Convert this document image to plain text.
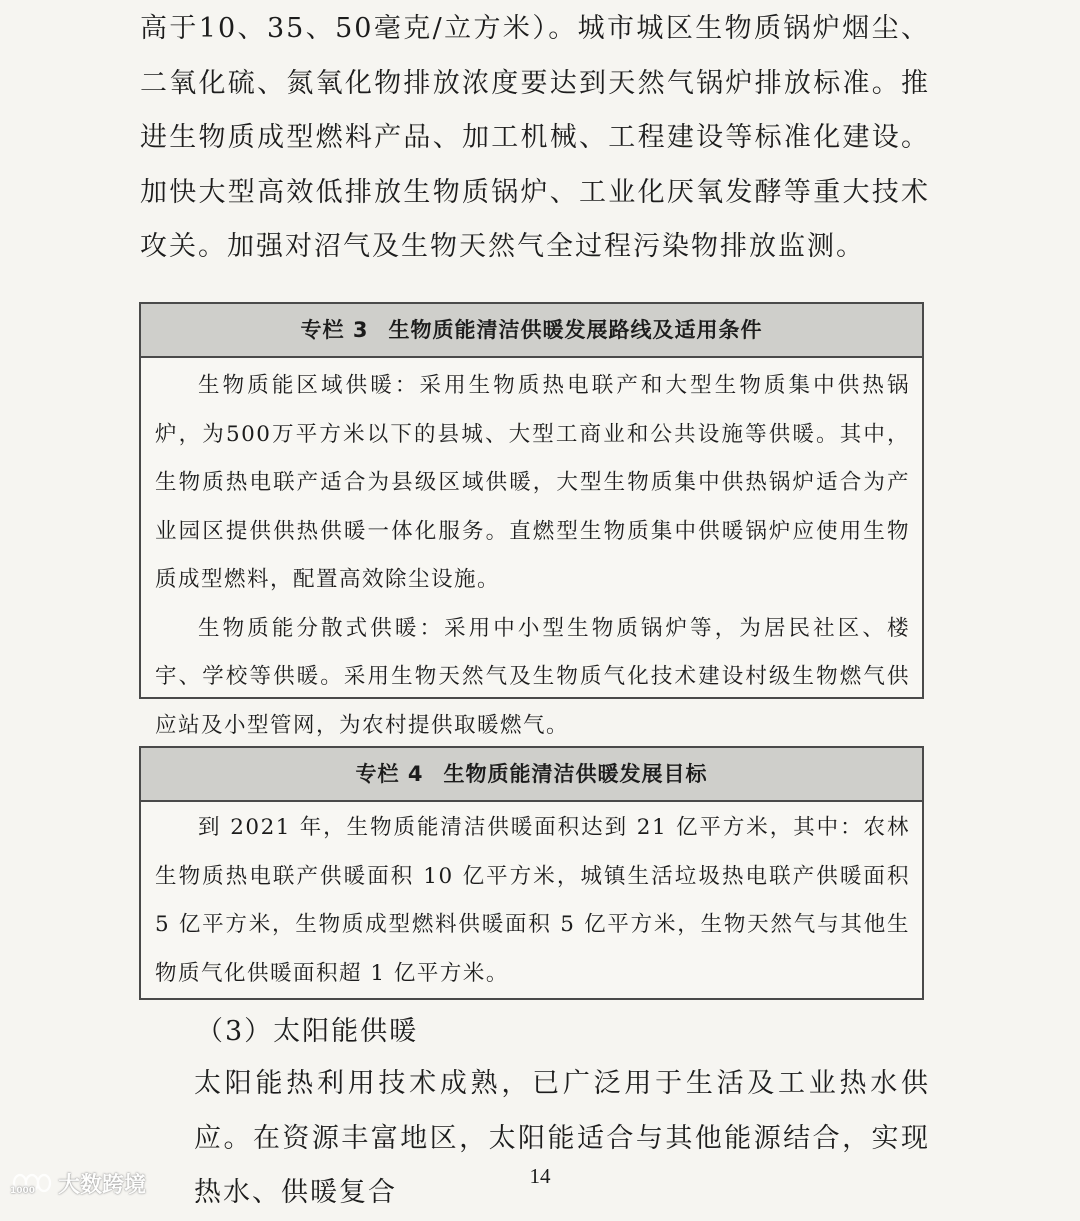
高于10、35、50毫克/立方米）。城市城区生物质锅炉烟尘、二氧化硫、氮氧化物排放浓度要达到天然气锅炉排放标准。推进生物质成型燃料产品、加工机械、工程建设等标准化建设。加快大型高效低排放生物质锅炉、工业化厌氧发酵等重大技术攻关。加强对沼气及生物天然气全过程污染物排放监测。
专栏 3 生物质能清洁供暖发展路线及适用条件

生物质能区域供暖：采用生物质热电联产和大型生物质集中供热锅炉，为500万平方米以下的县城、大型工商业和公共设施等供暖。其中，生物质热电联产适合为县级区域供暖，大型生物质集中供热锅炉适合为产业园区提供供热供暖一体化服务。直燃型生物质集中供暖锅炉应使用生物质成型燃料，配置高效除尘设施。

生物质能分散式供暖：采用中小型生物质锅炉等，为居民社区、楼宇、学校等供暖。采用生物天然气及生物质气化技术建设村级生物燃气供应站及小型管网，为农村提供取暖燃气。

专栏 4 生物质能清洁供暖发展目标

到 2021 年，生物质能清洁供暖面积达到 21 亿平方米，其中：农林生物质热电联产供暖面积 10 亿平方米，城镇生活垃圾热电联产供暖面积 5 亿平方米，生物质成型燃料供暖面积 5 亿平方米，生物天然气与其他生物质气化供暖面积超 1 亿平方米。

（3）太阳能供暖
太阳能热利用技术成熟，已广泛用于生活及工业热水供应。在资源丰富地区，太阳能适合与其他能源结合，实现热水、供暖复合
14
1000 大数跨境
